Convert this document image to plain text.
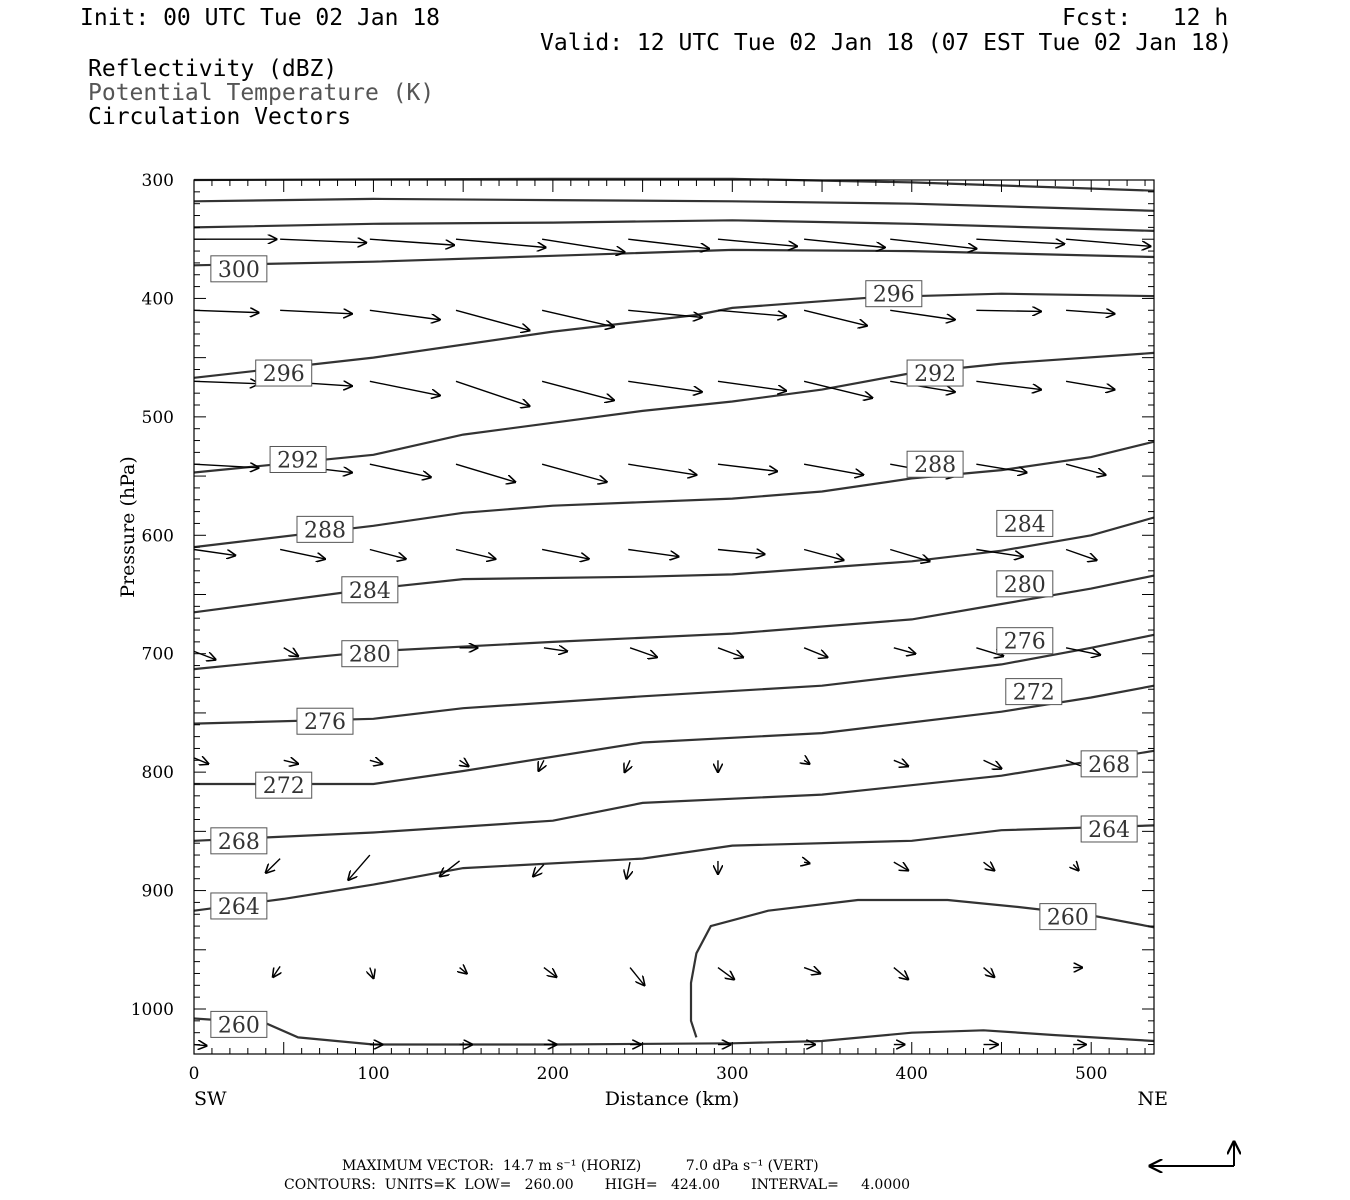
Init: 00 UTC Tue 02 Jan 18	Fcst:   12 h
Valid: 12 UTC Tue 02 Jan 18 (07 EST Tue 02 Jan 18)
Reflectivity (dBZ)
Potential Temperature (K)
Circulation Vectors
300
296
296
292
292
288
288
284
284
280
280
276
276
272
272
268
268
264
264
260
260
0	100	200	300	400	500
300
400
500
600
700
800
900
1000
Distance (km)
SW	NE
Pressure (hPa)
MAXIMUM VECTOR:  14.7 m s⁻¹ (HORIZ)          7.0 dPa s⁻¹ (VERT)
CONTOURS:  UNITS=K  LOW=   260.00       HIGH=   424.00       INTERVAL=     4.0000
